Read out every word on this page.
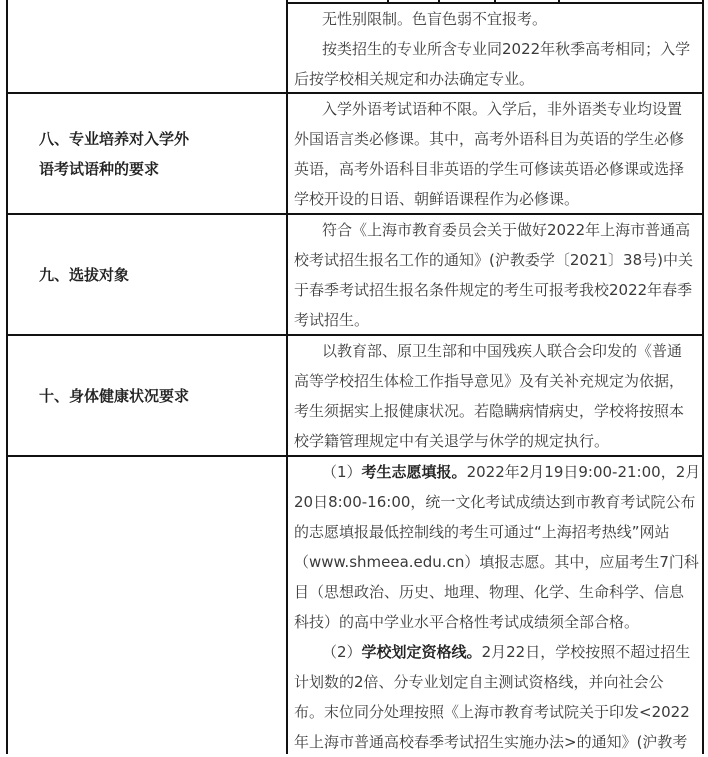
无性别限制。色盲色弱不宜报考。
按类招生的专业所含专业同2022年秋季高考相同；入学
后按学校相关规定和办法确定专业。
八、专业培养对入学外
语考试语种的要求
入学外语考试语种不限。入学后，非外语类专业均设置
外国语言类必修课。其中，高考外语科目为英语的学生必修
英语，高考外语科目非英语的学生可修读英语必修课或选择
学校开设的日语、朝鲜语课程作为必修课。
九、选拔对象
符合《上海市教育委员会关于做好2022年上海市普通高
校考试招生报名工作的通知》(沪教委学〔2021〕38号)中关
于春季考试招生报名条件规定的考生可报考我校2022年春季
考试招生。
十、身体健康状况要求
以教育部、原卫生部和中国残疾人联合会印发的《普通
高等学校招生体检工作指导意见》及有关补充规定为依据，
考生须据实上报健康状况。若隐瞒病情病史，学校将按照本
校学籍管理规定中有关退学与休学的规定执行。
（1）考生志愿填报。2022年2月19日9:00-21:00，2月
20日8:00-16:00，统一文化考试成绩达到市教育考试院公布
的志愿填报最低控制线的考生可通过“上海招考热线”网站
（www.shmeea.edu.cn）填报志愿。其中，应届考生7门科
目（思想政治、历史、地理、物理、化学、生命科学、信息
科技）的高中学业水平合格性考试成绩须全部合格。
（2）学校划定资格线。2月22日，学校按照不超过招生
计划数的2倍、分专业划定自主测试资格线，并向社会公
布。末位同分处理按照《上海市教育考试院关于印发<2022
年上海市普通高校春季考试招生实施办法>的通知》(沪教考
